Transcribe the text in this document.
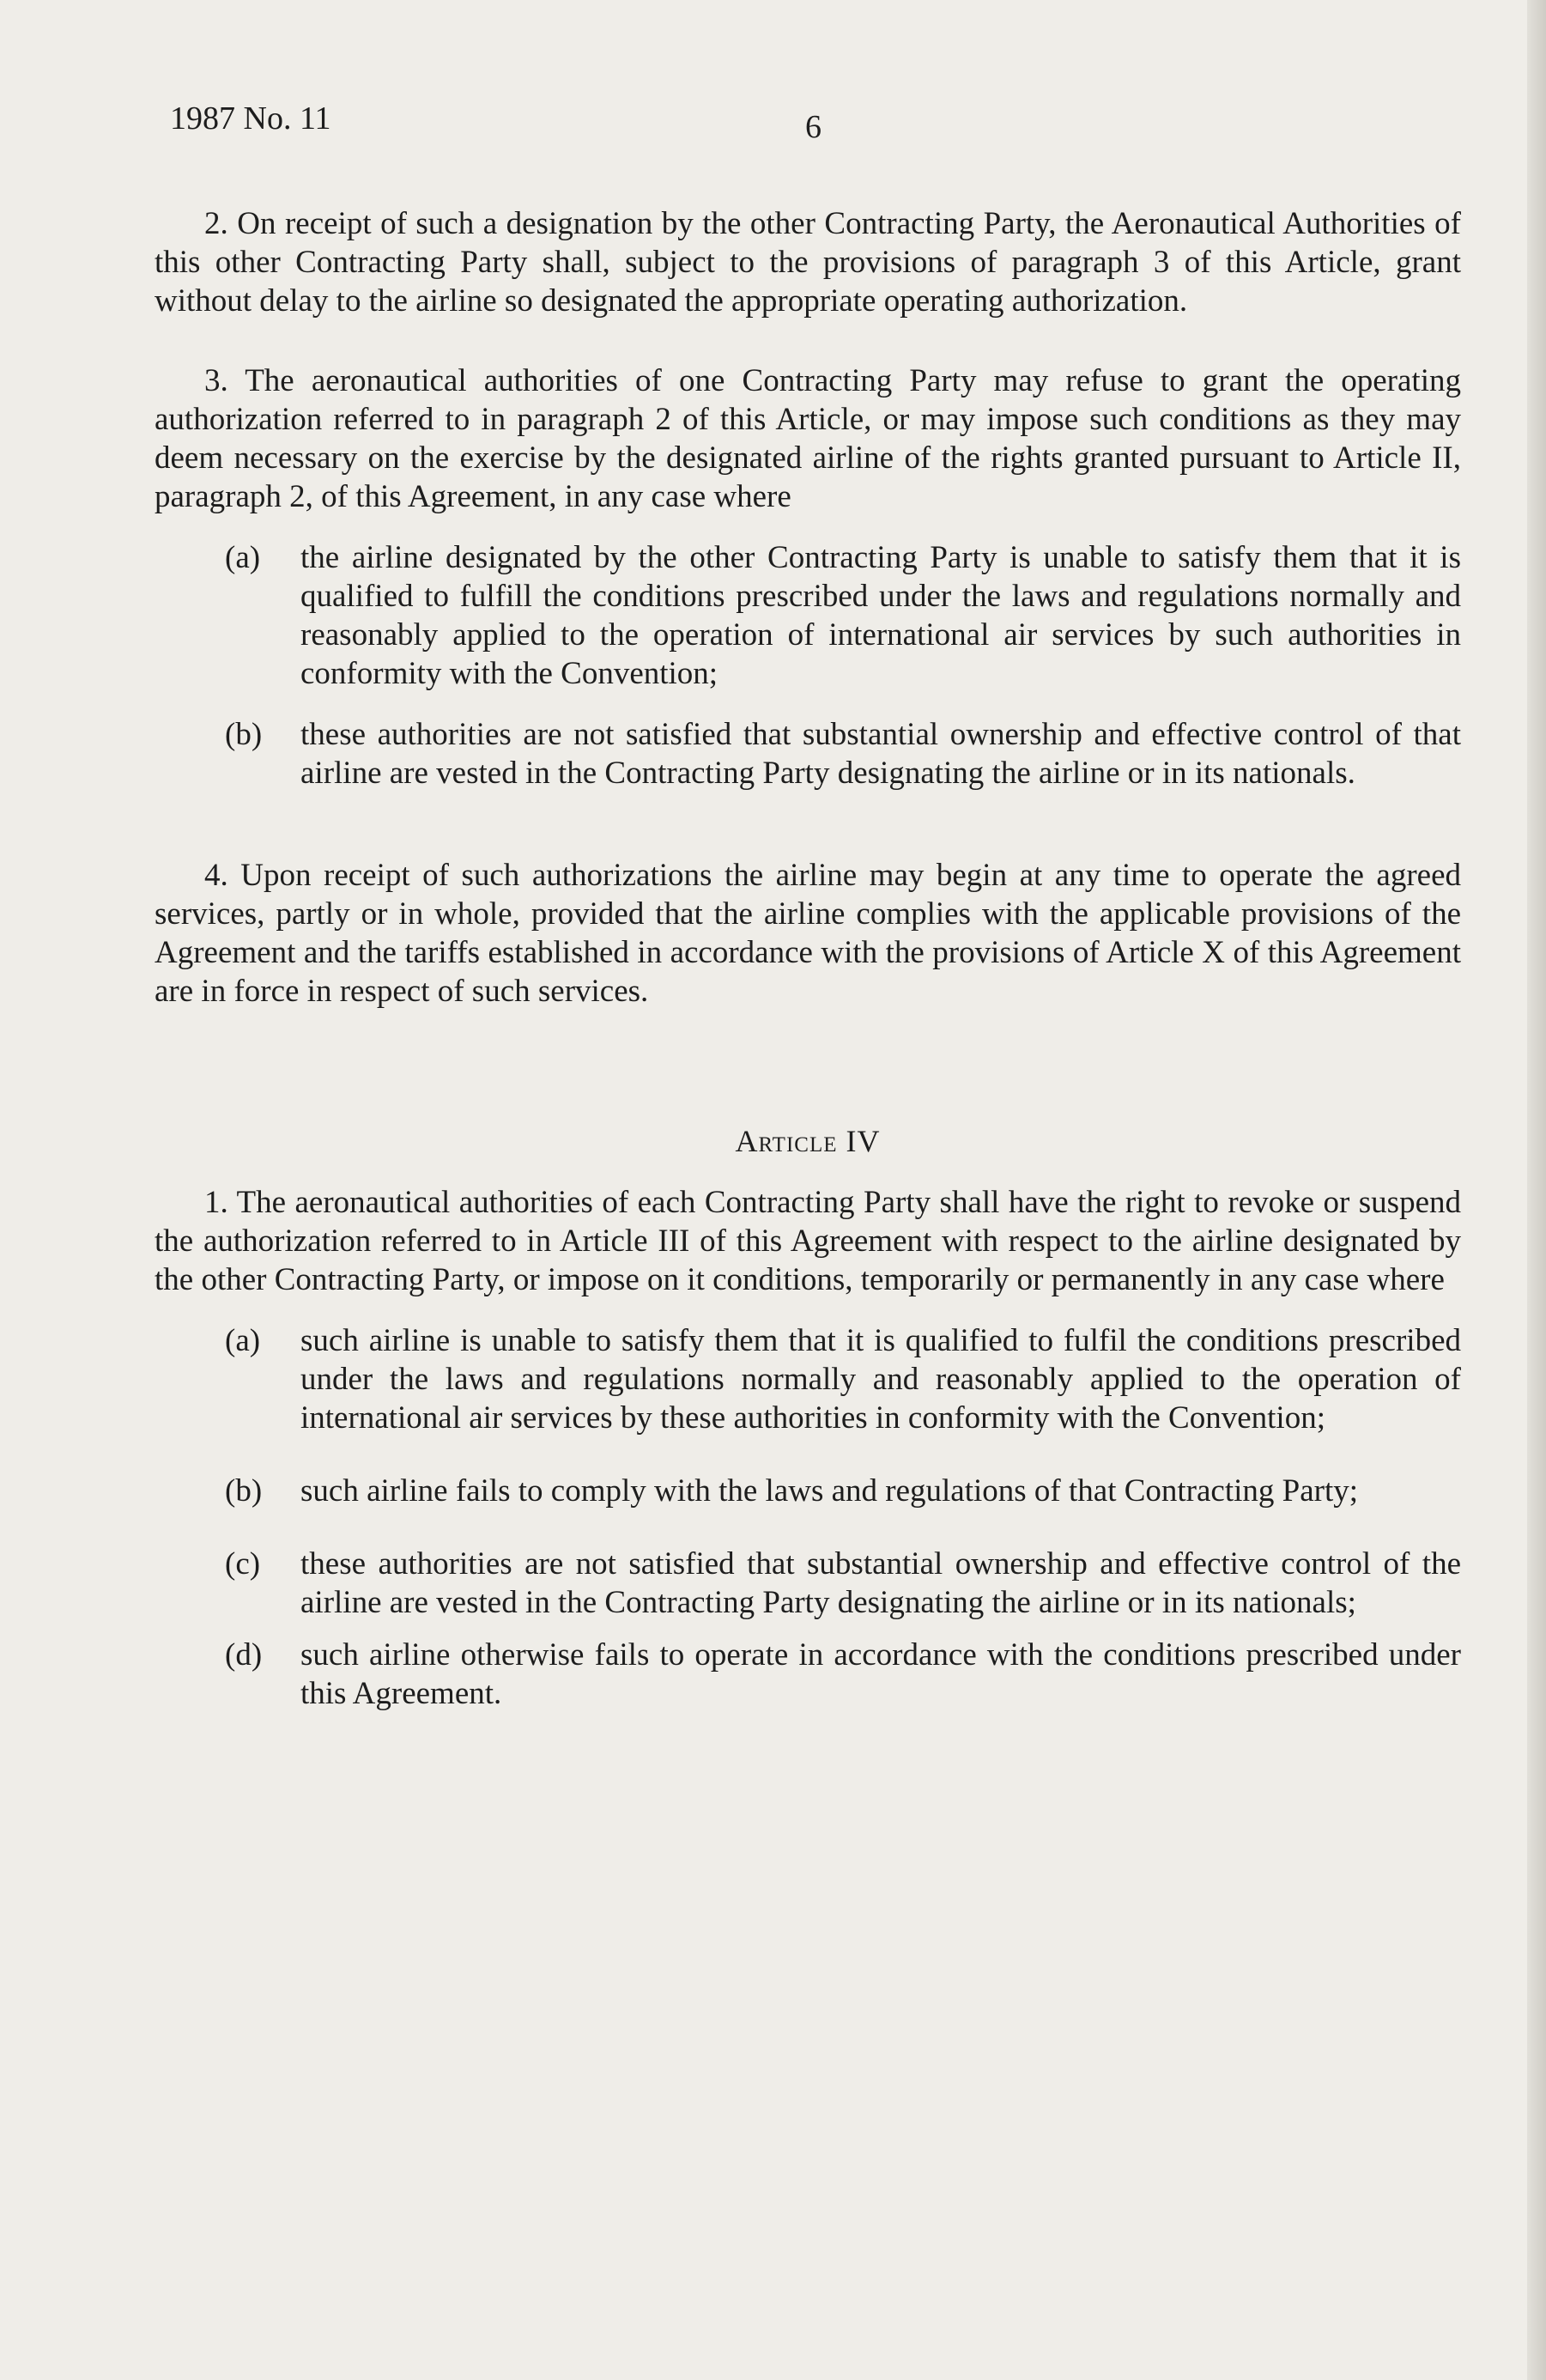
1987 No. 11	6

2. On receipt of such a designation by the other Contracting Party, the Aeronautical Authorities of this other Contracting Party shall, subject to the provisions of paragraph 3 of this Article, grant without delay to the airline so designated the appropriate operating authorization.

3. The aeronautical authorities of one Contracting Party may refuse to grant the operating authorization referred to in paragraph 2 of this Article, or may impose such conditions as they may deem necessary on the exercise by the designated airline of the rights granted pursuant to Article II, paragraph 2, of this Agreement, in any case where

(a)	the airline designated by the other Contracting Party is unable to satisfy them that it is qualified to fulfill the conditions prescribed under the laws and regulations normally and reasonably applied to the operation of international air services by such authorities in conformity with the Convention;
(b)	these authorities are not satisfied that substantial ownership and effective control of that airline are vested in the Contracting Party designating the airline or in its nationals.

4. Upon receipt of such authorizations the airline may begin at any time to operate the agreed services, partly or in whole, provided that the airline complies with the applicable provisions of the Agreement and the tariffs established in accordance with the provisions of Article X of this Agreement are in force in respect of such services.

Article IV

1. The aeronautical authorities of each Contracting Party shall have the right to revoke or suspend the authorization referred to in Article III of this Agreement with respect to the airline designated by the other Contracting Party, or impose on it conditions, temporarily or permanently in any case where

(a)	such airline is unable to satisfy them that it is qualified to fulfil the conditions prescribed under the laws and regulations normally and reasonably applied to the operation of international air services by these authorities in conformity with the Convention;
(b)	such airline fails to comply with the laws and regulations of that Contracting Party;
(c)	these authorities are not satisfied that substantial ownership and effective control of the airline are vested in the Contracting Party designating the airline or in its nationals;
(d)	such airline otherwise fails to operate in accordance with the conditions prescribed under this Agreement.
